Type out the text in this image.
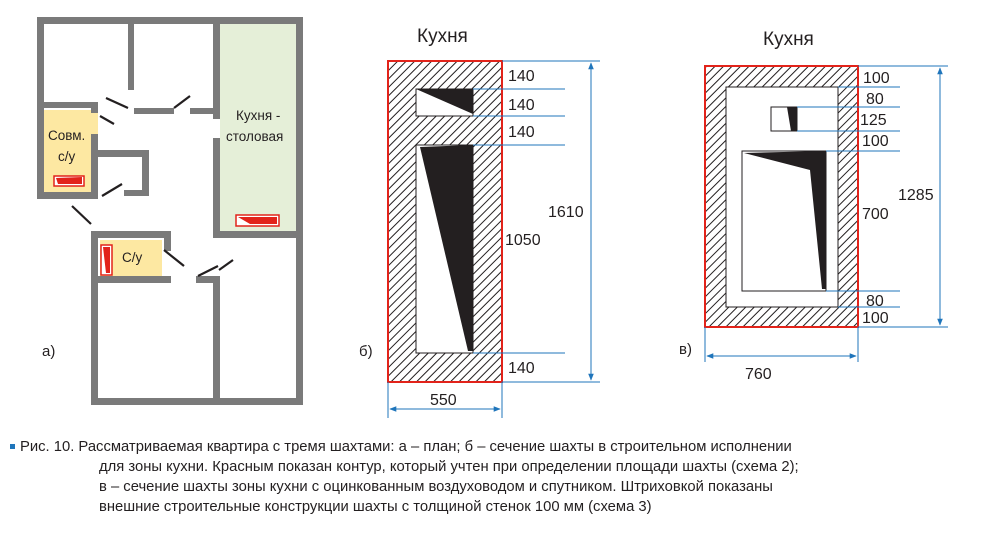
Совм.
с/у
С/у
Кухня -
столовая
а)
Кухня
140
140
140
1050
140
1610
550
б)
Кухня
100
80
125
100
700
80
100
1285
760
в)
Рис. 10. Рассматриваемая квартира с тремя шахтами: а – план; б – сечение шахты в строительном исполнении
для зоны кухни. Красным показан контур, который учтен при определении площади шахты (схема 2);
в – сечение шахты зоны кухни с оцинкованным воздуховодом и спутником. Штриховкой показаны
внешние строительные конструкции шахты с толщиной стенок 100 мм (схема 3)
